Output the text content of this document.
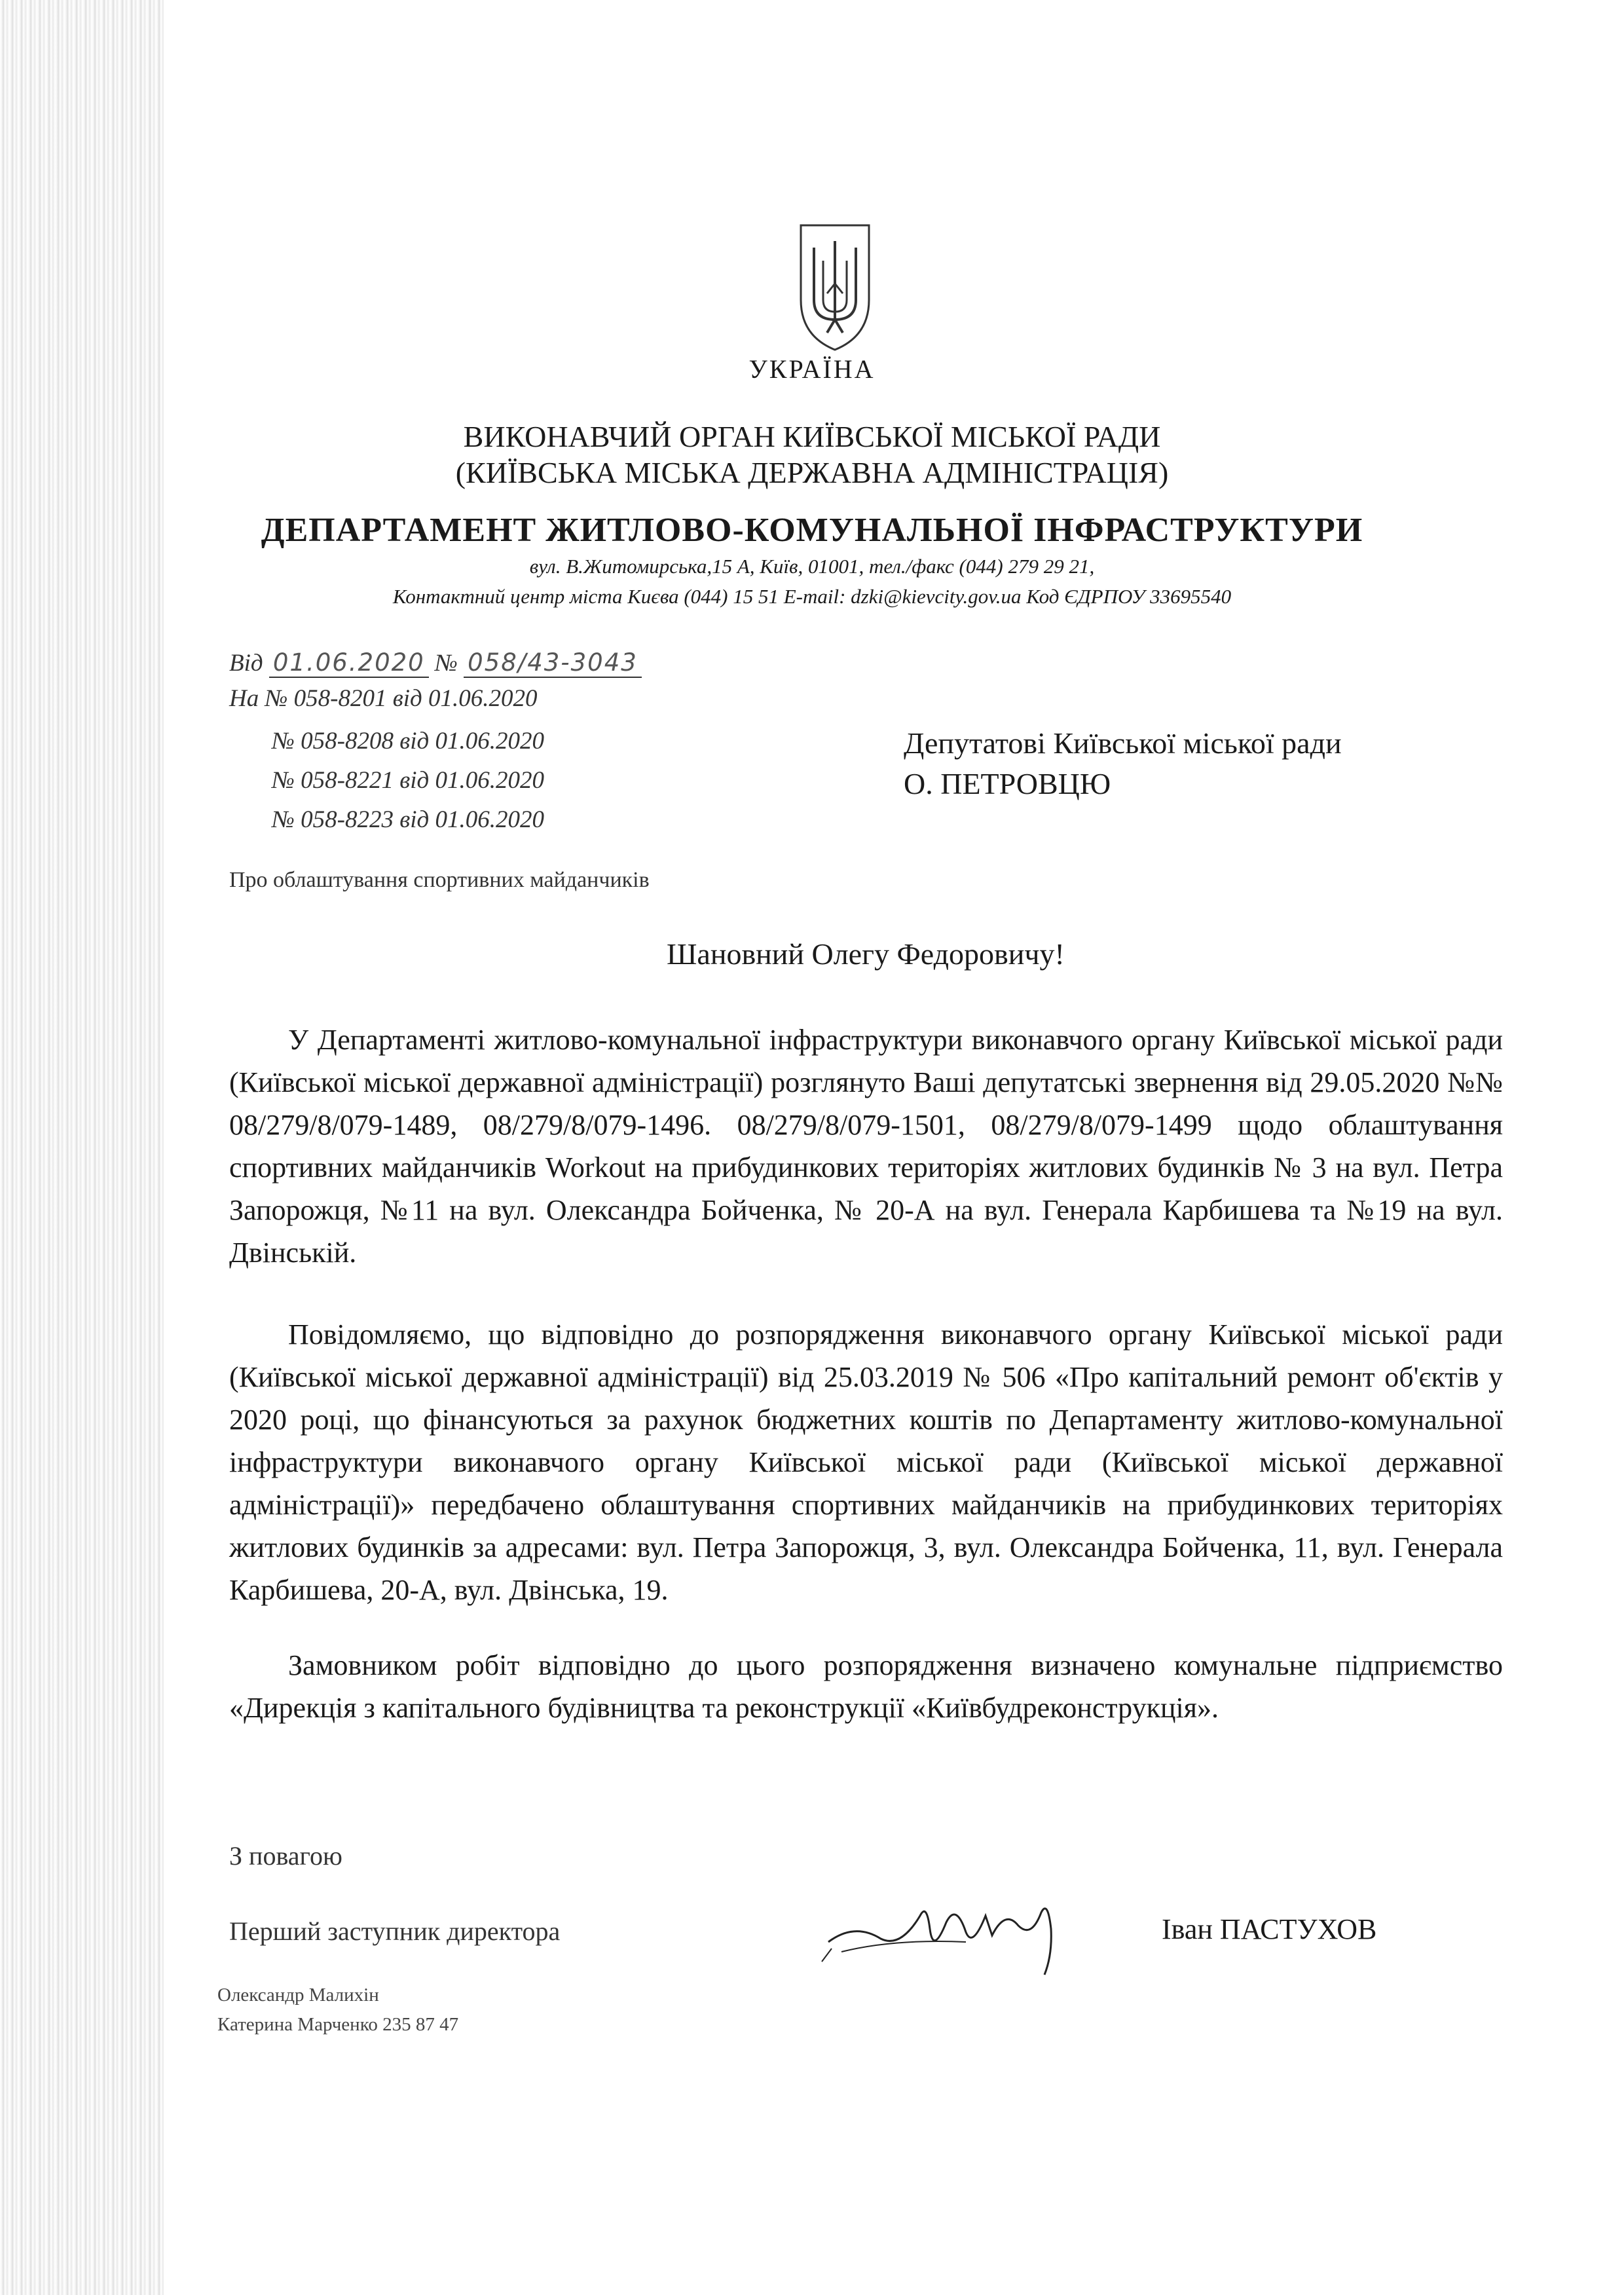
УКРАЇНА
ВИКОНАВЧИЙ ОРГАН КИЇВСЬКОЇ МІСЬКОЇ РАДИ
(КИЇВСЬКА МІСЬКА ДЕРЖАВНА АДМІНІСТРАЦІЯ)
ДЕПАРТАМЕНТ ЖИТЛОВО-КОМУНАЛЬНОЇ ІНФРАСТРУКТУРИ
вул. В.Житомирська,15 А, Київ, 01001, тел./факс (044) 279 29 21,
Контактний центр міста Києва (044) 15 51 E-mail: dzki@kievcity.gov.ua Код ЄДРПОУ 33695540
Від 01.06.2020 № 058/43-3043
На № 058-8201 від 01.06.2020
№ 058-8208 від 01.06.2020
№ 058-8221 від 01.06.2020
№ 058-8223 від 01.06.2020
Депутатові Київської міської ради
О. ПЕТРОВЦЮ
Про облаштування спортивних майданчиків
Шановний Олегу Федоровичу!
У Департаменті житлово-комунальної інфраструктури виконавчого органу Київської міської ради (Київської міської державної адміністрації) розглянуто Ваші депутатські звернення від 29.05.2020 №№ 08/279/8/079-1489, 08/279/8/079-1496. 08/279/8/079-1501, 08/279/8/079-1499 щодо облаштування спортивних майданчиків Workout на прибудинкових територіях житлових будинків № 3 на вул. Петра Запорожця, №11 на вул. Олександра Бойченка, № 20-А на вул. Генерала Карбишева та №19 на вул. Двінській.
Повідомляємо, що відповідно до розпорядження виконавчого органу Київської міської ради (Київської міської державної адміністрації) від 25.03.2019 № 506 «Про капітальний ремонт об'єктів у 2020 році, що фінансуються за рахунок бюджетних коштів по Департаменту житлово-комунальної інфраструктури виконавчого органу Київської міської ради (Київської міської державної адміністрації)» передбачено облаштування спортивних майданчиків на прибудинкових територіях житлових будинків за адресами: вул. Петра Запорожця, 3, вул. Олександра Бойченка, 11, вул. Генерала Карбишева, 20-А, вул. Двінська, 19.
Замовником робіт відповідно до цього розпорядження визначено комунальне підприємство «Дирекція з капітального будівництва та реконструкції «Київбудреконструкція».
З повагою
Перший заступник директора	Іван ПАСТУХОВ
Олександр Малихін
Катерина Марченко 235 87 47
